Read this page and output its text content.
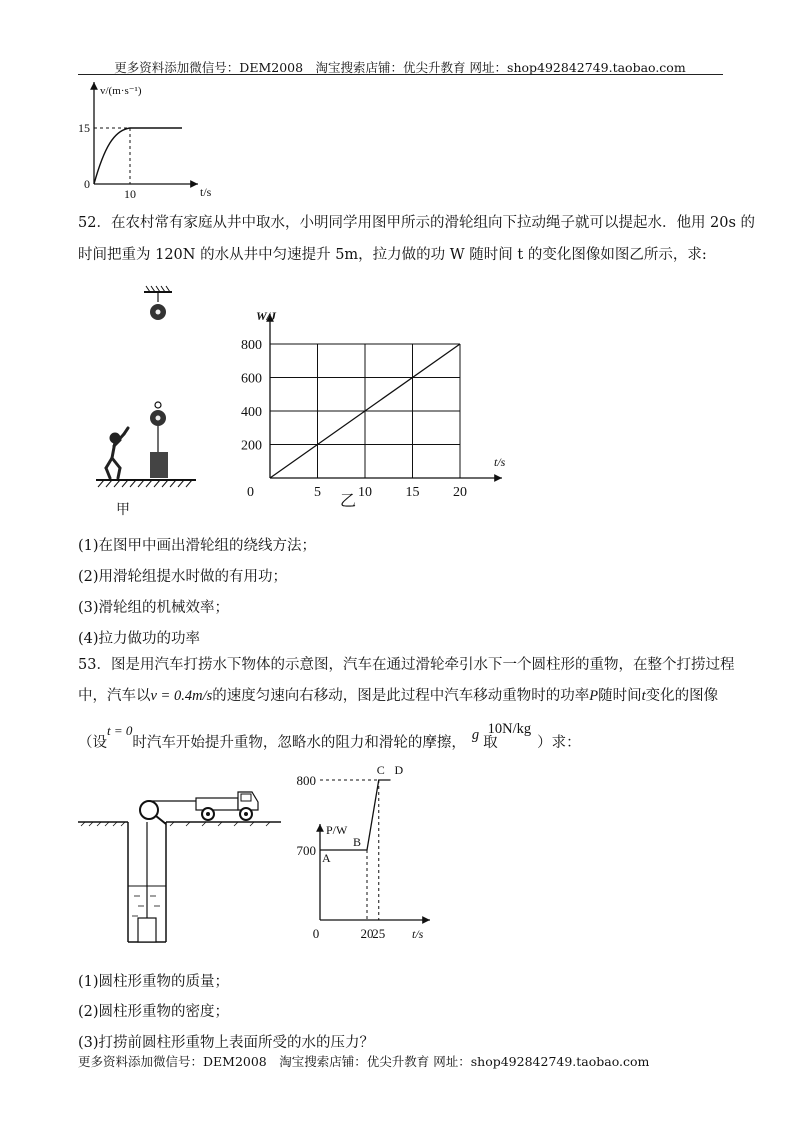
更多资料添加微信号：DEM2008　淘宝搜索店铺：优尖升教育 网址：shop492842749.taobao.com
v/(m·s⁻¹)
15
10
0
t/s
52．在农村常有家庭从井中取水，小明同学用图甲所示的滑轮组向下拉动绳子就可以提起水．他用 20s 的
时间把重为 120N 的水从井中匀速提升 5m，拉力做的功 W 随时间 t 的变化图像如图乙所示，求:
甲
5	10 15 20
0
200
400
600
800
W/J
t/s
乙
(1)在图甲中画出滑轮组的绕线方法；
(2)用滑轮组提水时做的有用功；
(3)滑轮组的机械效率；
(4)拉力做功的功率
53．图是用汽车打捞水下物体的示意图，汽车在通过滑轮牵引水下一个圆柱形的重物，在整个打捞过程
中，汽车以v = 0.4m/s的速度匀速向右移动，图是此过程中汽车移动重物时的功率P随时间t变化的图像
（设t = 0时汽车开始提升重物，忽略水的阻力和滑轮的摩擦， g 取10N/kg）求：
700
800
0	20
25
A
B
C D
P/W
t/s
(1)圆柱形重物的质量；
(2)圆柱形重物的密度；
(3)打捞前圆柱形重物上表面所受的水的压力？
更多资料添加微信号：DEM2008　淘宝搜索店铺：优尖升教育 网址：shop492842749.taobao.com
